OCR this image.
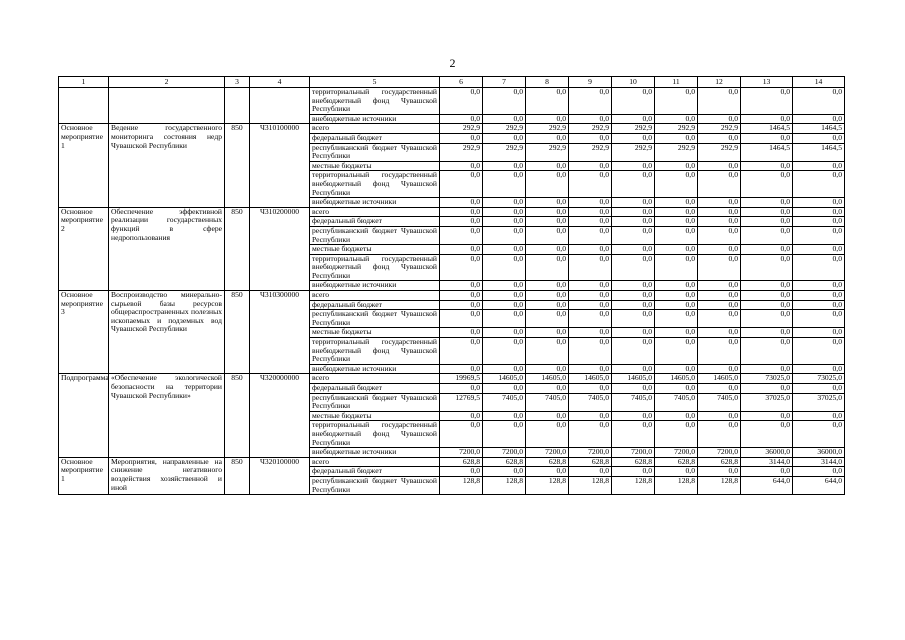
2
1	2	3	4	5	6	7	8	9	10	11	12	13	14
				территориальный государственный внебюджетный фонд Чувашской Республики	0,0	0,0	0,0	0,0	0,0	0,0	0,0	0,0	0,0
				внебюджетные источники	0,0	0,0	0,0	0,0	0,0	0,0	0,0	0,0	0,0
Основное мероприятие 1	Ведение государственного мониторинга состояния недр Чувашской Республики	850	Ч310100000	всего	292,9	292,9	292,9	292,9	292,9	292,9	292,9	1464,5	1464,5
				федеральный бюджет	0,0	0,0	0,0	0,0	0,0	0,0	0,0	0,0	0,0
				республиканский бюджет Чувашской Республики	292,9	292,9	292,9	292,9	292,9	292,9	292,9	1464,5	1464,5
				местные бюджеты	0,0	0,0	0,0	0,0	0,0	0,0	0,0	0,0	0,0
				территориальный государственный внебюджетный фонд Чувашской Республики	0,0	0,0	0,0	0,0	0,0	0,0	0,0	0,0	0,0
				внебюджетные источники	0,0	0,0	0,0	0,0	0,0	0,0	0,0	0,0	0,0
Основное мероприятие 2	Обеспечение эффективной реализации государственных функций в сфере недропользования	850	Ч310200000	всего	0,0	0,0	0,0	0,0	0,0	0,0	0,0	0,0	0,0
				федеральный бюджет	0,0	0,0	0,0	0,0	0,0	0,0	0,0	0,0	0,0
				республиканский бюджет Чувашской Республики	0,0	0,0	0,0	0,0	0,0	0,0	0,0	0,0	0,0
				местные бюджеты	0,0	0,0	0,0	0,0	0,0	0,0	0,0	0,0	0,0
				территориальный государственный внебюджетный фонд Чувашской Республики	0,0	0,0	0,0	0,0	0,0	0,0	0,0	0,0	0,0
				внебюджетные источники	0,0	0,0	0,0	0,0	0,0	0,0	0,0	0,0	0,0
Основное мероприятие 3	Воспроизводство минерально-сырьевой базы ресурсов общераспространенных полезных ископаемых и подземных вод Чувашской Республики	850	Ч310300000	всего	0,0	0,0	0,0	0,0	0,0	0,0	0,0	0,0	0,0
				федеральный бюджет	0,0	0,0	0,0	0,0	0,0	0,0	0,0	0,0	0,0
				республиканский бюджет Чувашской Республики	0,0	0,0	0,0	0,0	0,0	0,0	0,0	0,0	0,0
				местные бюджеты	0,0	0,0	0,0	0,0	0,0	0,0	0,0	0,0	0,0
				территориальный государственный внебюджетный фонд Чувашской Республики	0,0	0,0	0,0	0,0	0,0	0,0	0,0	0,0	0,0
				внебюджетные источники	0,0	0,0	0,0	0,0	0,0	0,0	0,0	0,0	0,0
Подпрограмма	«Обеспечение экологической безопасности на территории Чувашской Республики»	850	Ч320000000	всего	19969,5	14605,0	14605,0	14605,0	14605,0	14605,0	14605,0	73025,0	73025,0
				федеральный бюджет	0,0	0,0	0,0	0,0	0,0	0,0	0,0	0,0	0,0
				республиканский бюджет Чувашской Республики	12769,5	7405,0	7405,0	7405,0	7405,0	7405,0	7405,0	37025,0	37025,0
				местные бюджеты	0,0	0,0	0,0	0,0	0,0	0,0	0,0	0,0	0,0
				территориальный государственный внебюджетный фонд Чувашской Республики	0,0	0,0	0,0	0,0	0,0	0,0	0,0	0,0	0,0
				внебюджетные источники	7200,0	7200,0	7200,0	7200,0	7200,0	7200,0	7200,0	36000,0	36000,0
Основное мероприятие 1	Мероприятия, направленные на снижение негативного воздействия хозяйственной и иной	850	Ч320100000	всего	628,8	628,8	628,8	628,8	628,8	628,8	628,8	3144,0	3144,0
				федеральный бюджет	0,0	0,0	0,0	0,0	0,0	0,0	0,0	0,0	0,0
				республиканский бюджет Чувашской Республики	128,8	128,8	128,8	128,8	128,8	128,8	128,8	644,0	644,0
